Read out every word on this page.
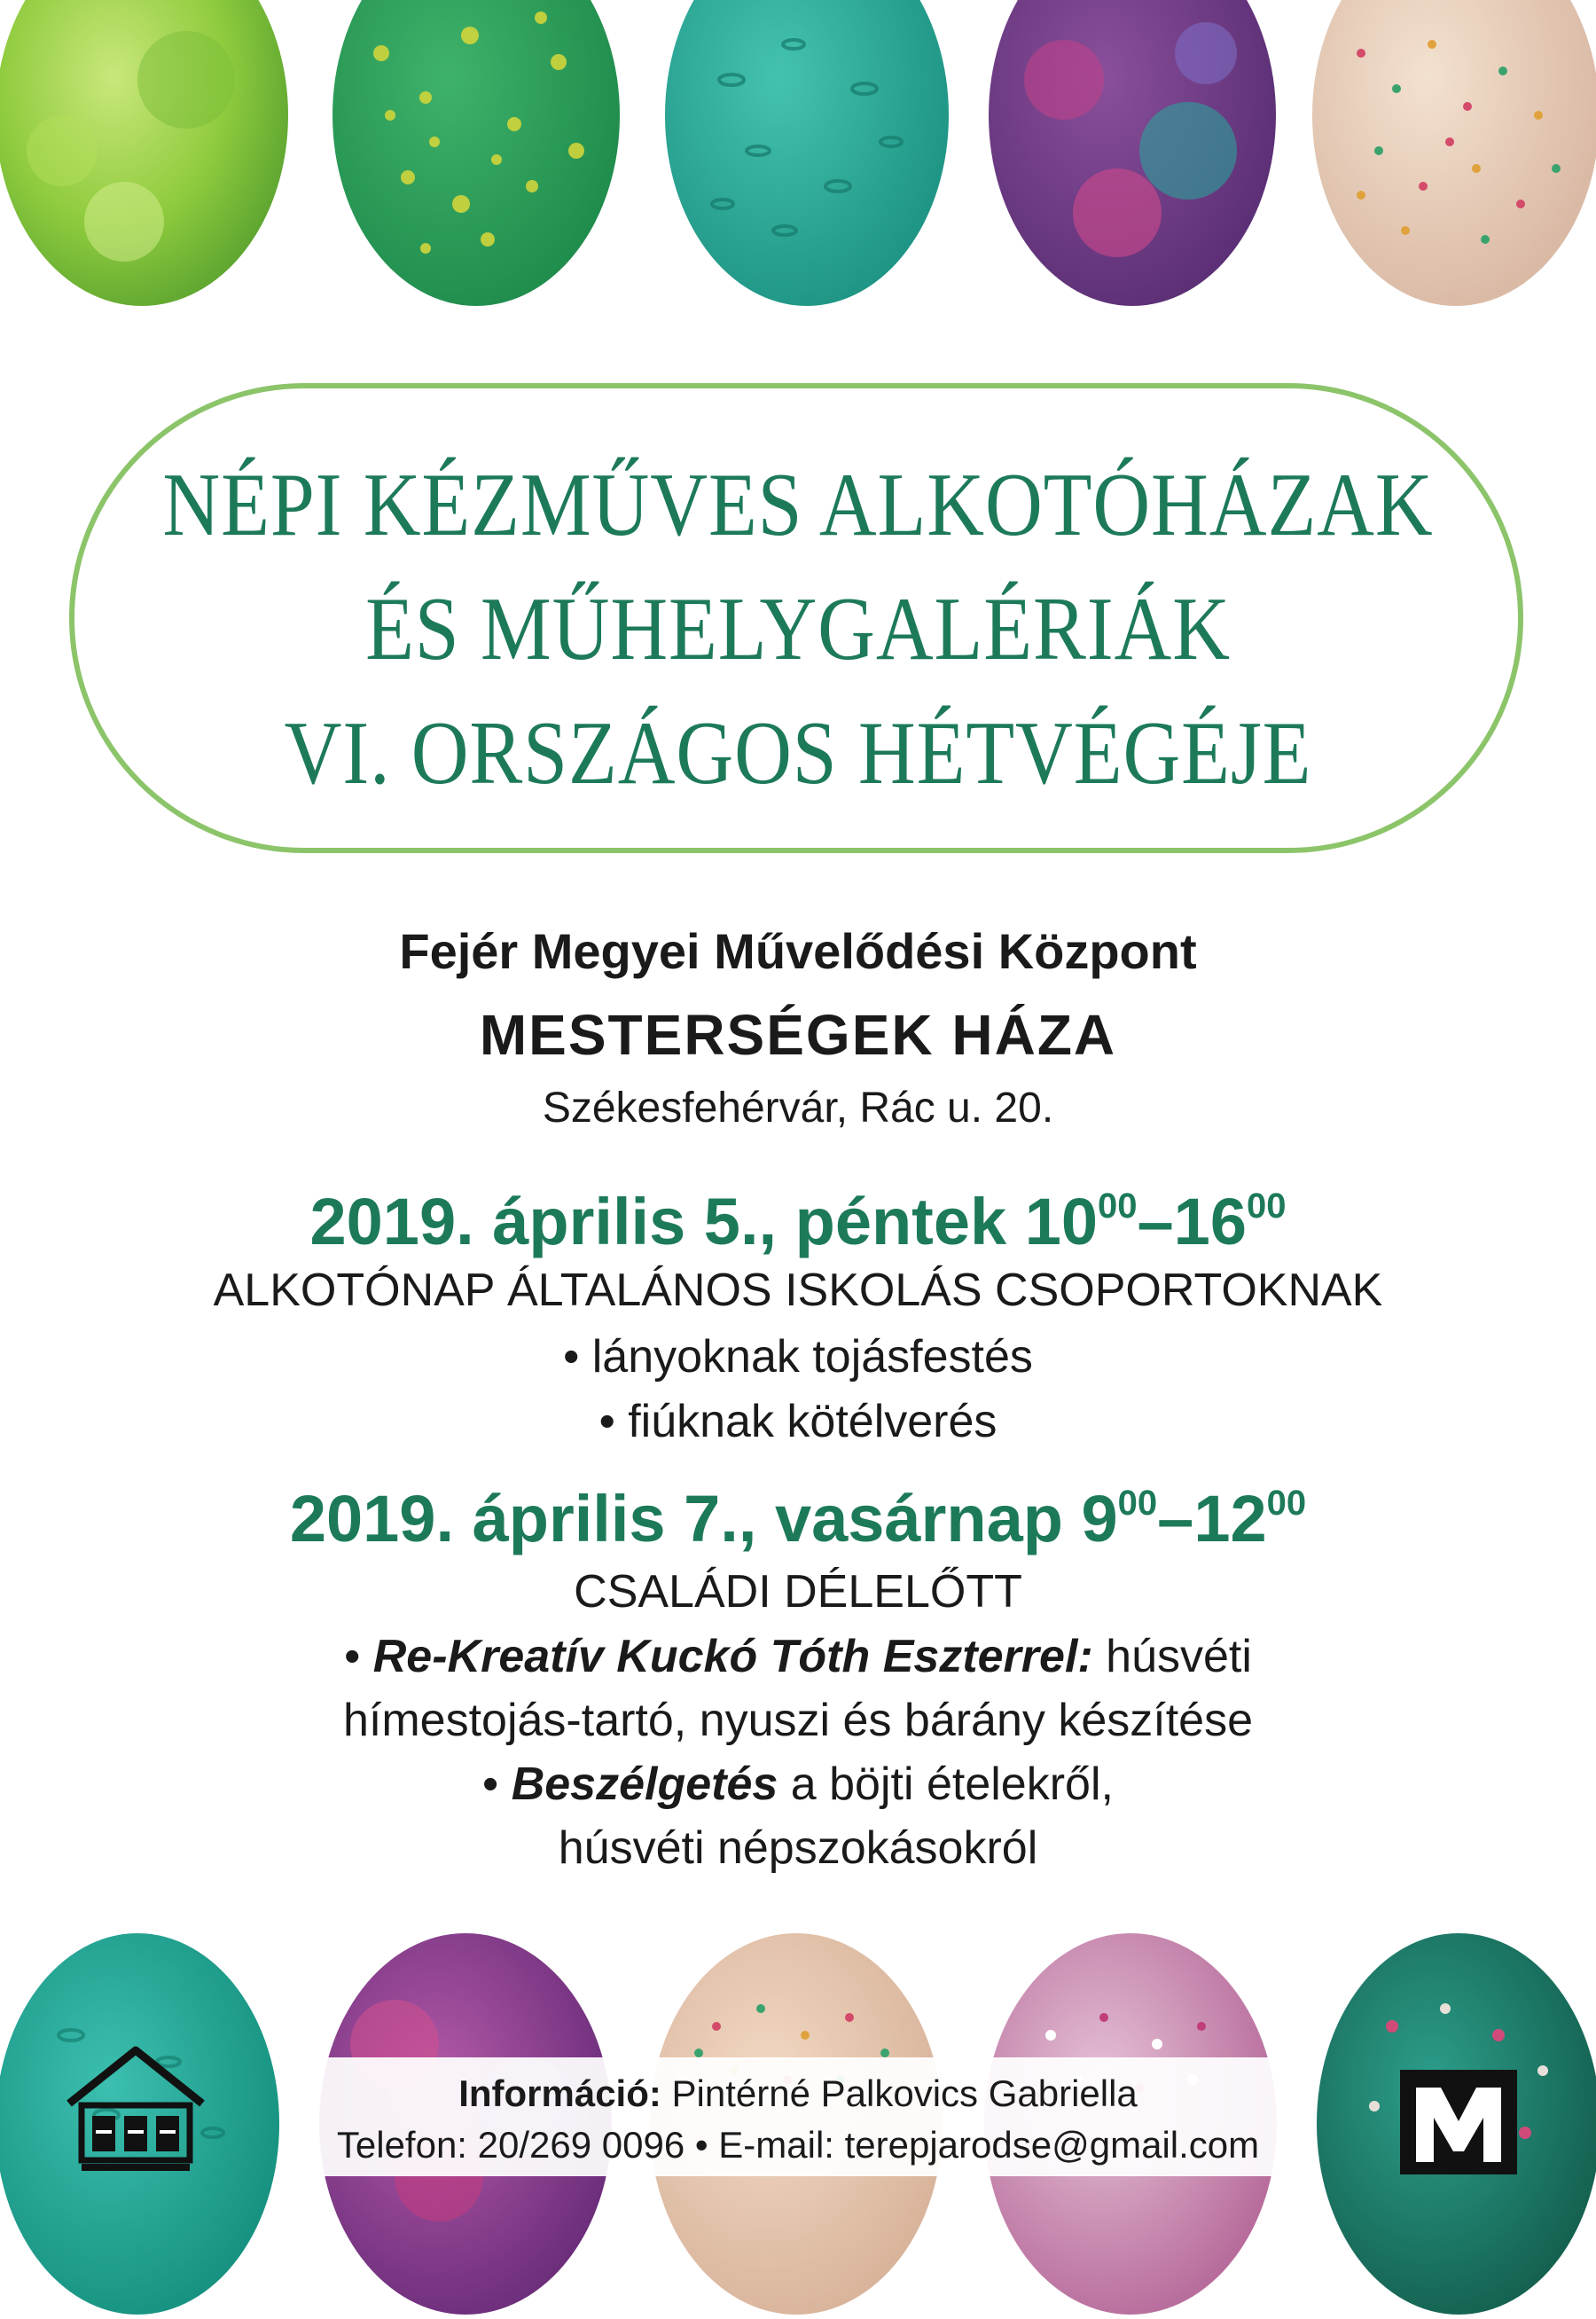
NÉPI KÉZMŰVES ALKOTÓHÁZAK
ÉS MŰHELYGALÉRIÁK
VI. ORSZÁGOS HÉTVÉGÉJE
Fejér Megyei Művelődési Központ
MESTERSÉGEK HÁZA
Székesfehérvár, Rác u. 20.
2019. április 5., péntek $10^{00}-16^{00}$
ALKOTÓNAP ÁLTALÁNOS ISKOLÁS CSOPORTOKNAK
• lányoknak tojásfestés
• fiúknak kötélverés
2019. április 7., vasárnap $9^{00}-12^{00}$
CSALÁDI DÉLELŐTT
• Re-Kreatív Kuckó Tóth Eszterrel: húsvéti
hímestojás-tartó, nyuszi és bárány készítése
• Beszélgetés a böjti ételekről,
húsvéti népszokásokról
Információ: Pintérné Palkovics Gabriella
Telefon: 20/269 0096 • E-mail: terepjarodse@gmail.com
